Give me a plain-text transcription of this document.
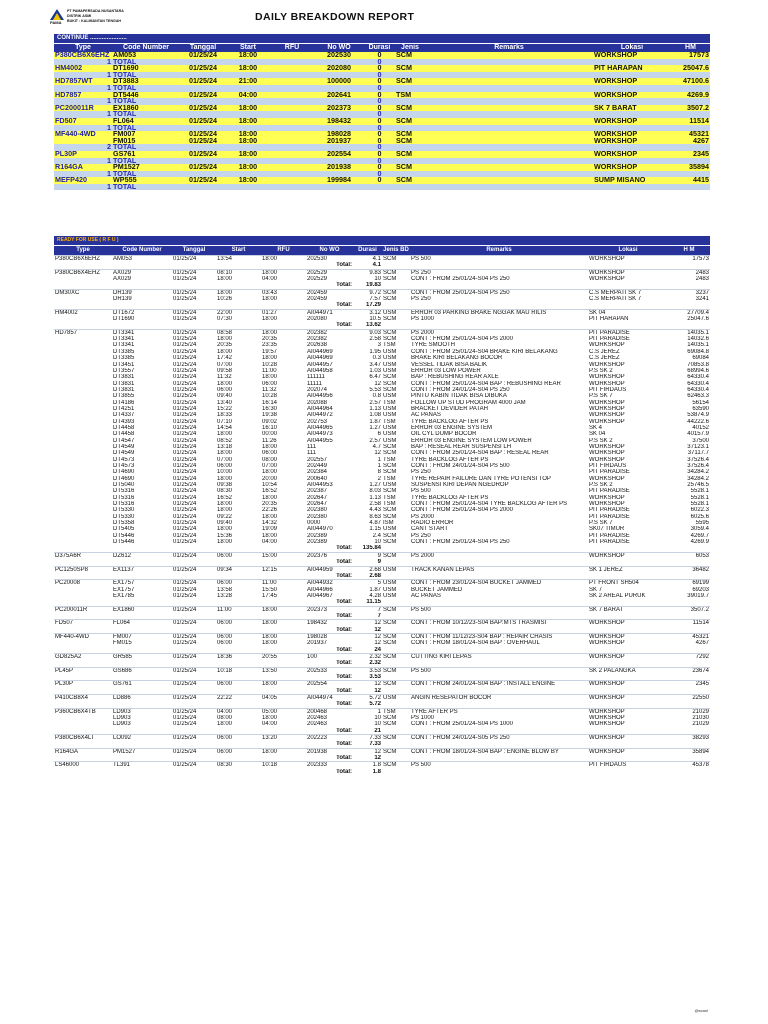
PAMA
PT PAMAPERSADA NUSANTARA
DISTRIK ASMI
BUKIT : KALIMANTAN TENGAH	DAILY BREAKDOWN REPORT
CONTINUE ......................
Type	Code Number	Tanggal	Start	RFU	No WO	Durasi	Jenis	Remarks	Lokasi	HM
P380CB6X6EHZ	AM053	01/25/24	18:00		202530	0	SCM		WORKSHOP	17573
1	TOTAL					0				
HM4002	DT1690	01/25/24	18:00		202080	0	SCM		PIT HARAPAN	25047.6
1	TOTAL					0				
HD7857WT	DT3883	01/25/24	21:00		100000	0	SCM		WORKSHOP	47100.6
1	TOTAL					0				
HD7857	DT5446	01/25/24	04:00		202641	0	TSM		WORKSHOP	4269.9
1	TOTAL					0				
PC200011R	EX1860	01/25/24	18:00		202373	0	SCM		SK 7 BARAT	3507.2
1	TOTAL					0				
FD507	FL064	01/25/24	18:00		198432	0	SCM		WORKSHOP	11514
1	TOTAL					0				
MF440-4WD	FM007	01/25/24	18:00		198028	0	SCM		WORKSHOP	45321
	FM015	01/25/24	18:00		201937	0	SCM		WORKSHOP	4267
2	TOTAL					0				
PL30P	GS761	01/25/24	18:00		202554	0	SCM		WORKSHOP	2345
1	TOTAL					0				
R164GA	PM1527	01/25/24	18:00		201938	0	SCM		WORKSHOP	35894
1	TOTAL					0				
MEFP420	WP555	01/25/24	18:00		199984	0	SCM		SUMP MISANO	4415
1	TOTAL									
READY FOR USE ( R F U )
Type	Code Number	Tanggal	Start	RFU	No WO	Durasi	Jenis BD	Remarks	Lokasi	H M
P380CB6X6EHZ	AM053	01/25/24	13:54	18:00	202530	4.1	SCM	PS 500	WORKSHOP	17573
					Total:	4.1				
P380CB6X4EHZ	AX029	01/25/24	08:10	18:00	202529	9.83	SCM	PS 250	WORKSHOP	2483
	AX029	01/25/24	18:00	04:00	202529	10	SCM	CONT : FROM 25/01/24-S04 PS 250	WORKSHOP	2483
					Total:	19.83				
DM30XC	DR139	01/25/24	18:00	03:43	202459	9.72	SCM	CONT : FROM 25/01/24-S04 PS 250	C.S MERPATI SK 7	3237
	DR139	01/25/24	10:26	18:00	202459	7.57	SCM	PS 250	C.S MERPATI SK 7	3241
					Total:	17.29				
HM4002	DT1672	01/25/24	22:00	01:27	AI044971	3.12	USM	ERROR 03 PARKING BRAKE NGGAK MAU RILIS	SK 04	27709.4
	DT1690	01/25/24	07:30	18:00	202080	10.5	SCM	PS 1000	PIT HARAPAN	25047.6
					Total:	13.62				
HD7857	DT3341	01/25/24	08:58	18:00	202382	9.03	SCM	PS 2000	PIT PARADISE	14035.1
	DT3341	01/25/24	18:00	20:35	202382	2.58	SCM	CONT : FROM 25/01/24-S04 PS 2000	PIT PARADISE	14032.6
	DT3341	01/25/24	20:35	23:35	202638	3	TSM	TYRE SMOOTH	WORKSHOP	14035.1
	DT3385	01/25/24	18:00	19:57	AI044969	1.95	USM	CONT : FROM 25/01/24-S04 BRAKE KIRI BELAKANG	C.S JEREZ	69084.8
	DT3385	01/25/24	17:42	18:00	AI044969	0.3	USM	BRAKE KIRI BELAKANG BOCOR	C.S JEREZ	69084
	DT3451	01/25/24	07:00	10:28	AI044957	3.47	USM	VESSEL TIDAK BISA BALIK	WORKSHOP	70853.8
	DT3557	01/25/24	09:58	11:00	AI044958	1.03	USM	ERROR 03 LOW POWER	P.S SK 2	68994.6
	DT3831	01/25/24	11:32	18:00	111111	6.47	SCM	BAP : REBUSHING REAR AXLE	WORKSHOP	64330.4
	DT3831	01/25/24	18:00	06:00	11111	12	SCM	CONT : FROM 25/01/24-S04 BAP : REBUSHING REAR	WORKSHOP	64330.4
	DT3831	01/25/24	06:00	11:32	202074	5.53	SCM	CONT : FROM 24/01/24-S04 PS 250	PIT FIRDAUS	64330.4
	DT3855	01/25/24	09:40	10:28	AI044956	0.8	USM	PINTU KABIN TIDAK BISA DIBUKA	P.S SK 7	62463.3
	DT4186	01/25/24	13:40	16:14	202088	2.57	TSM	FOLLOW UP STUD PROGRAM 4000 JAM	WORKSHOP	56154
	DT4251	01/25/24	15:22	16:30	AI044964	1.13	USM	BRACKET DEVIDER PATAH	WORKSHOP	63590
	DT4337	01/25/24	18:33	19:38	AI044972	1.08	USM	AC PANAS	WORKSHOP	53874.9
	DT4393	01/25/24	07:10	09:02	202753	1.87	TSM	TYRE BACKLOG AFTER PS	WORKSHOP	44222.6
	DT4458	01/25/24	14:54	16:10	AI044965	1.27	USM	ERROR 03 ENGINE SYSTEM	SK 4	40152
	DT4458	01/25/24	18:00	00:00	AI044973	6	USM	OIL CYL DUMP BOCOR	SK 04	40157.9
	DT4547	01/25/24	08:52	11:26	AI044955	2.57	USM	ERROR 03 ENGINE SYSTEM LOW POWER	P.S SK 2	37500
	DT4549	01/25/24	13:18	18:00	111	4.7	SCM	BAP : RESEAL REAR SUSPENSI LH	WORKSHOP	37123.1
	DT4549	01/25/24	18:00	06:00	111	12	SCM	CONT : FROM 25/01/24-S04 BAP : RESEAL REAR	WORKSHOP	37117.7
	DT4573	01/25/24	07:00	08:00	202557	1	TSM	TYRE BACKLOG AFTER PS	WORKSHOP	37526.4
	DT4573	01/25/24	06:00	07:00	202449	1	SCM	CONT : FROM 24/01/24-S04 PS 500	PIT FIRDAUS	37526.4
	DT4690	01/25/24	10:00	18:00	202384	8	SCM	PS 250	PIT PARADISE	34284.2
	DT4690	01/25/24	18:00	20:00	200640	2	TSM	TYRE REPAIR FAILURE DAN TYRE POTENSI TOP	WORKSHOP	34284.2
	DT5040	01/25/24	09:38	10:54	AI044953	1.27	USM	SUSPENSI KIRI DEPAN NGEDROP	P.S SK 2	25746.5
	DT5316	01/25/24	08:30	16:52	202387	8.03	SCM	PS 500	PIT PARADISE	5528.1
	DT5316	01/25/24	16:52	18:00	202647	1.13	TSM	TYRE BACKLOG AFTER PS	WORKSHOP	5528.1
	DT5316	01/25/24	18:00	20:35	202647	2.58	TSM	CONT : FROM 25/01/24-S04 TYRE BACKLOG AFTER PS	WORKSHOP	5528.1
	DT5330	01/25/24	18:00	22:26	202380	4.43	SCM	CONT : FROM 25/01/24-S04 PS 2000	PIT PARADISE	6022.3
	DT5330	01/25/24	09:22	18:00	202380	8.63	SCM	PS 2000	PIT PARADISE	6025.6
	DT5358	01/25/24	09:40	14:32	0000	4.87	ISM	RADIO ERROR	P.S SK 7	5595
	DT5405	01/25/24	18:00	19:09	AI044970	1.15	USM	CANT START	SK07 TIMUR	3059.4
	DT5446	01/25/24	15:36	18:00	202389	2.4	SCM	PS 250	PIT PARADISE	4269.7
	DT5446	01/25/24	18:00	04:00	202389	10	SCM	CONT : FROM 25/01/24-S04 PS 250	PIT PARADISE	4269.9
					Total:	135.84				
D375A6R	DZ612	01/25/24	06:00	15:00	202376	9	SCM	PS 2000	WORKSHOP	6053
					Total:	9				
PC1250SP8	EX1137	01/25/24	09:34	12:15	AI044959	2.68	USM	TRACK KANAN LEPAS	SK 1 JEREZ	36482
					Total:	2.68				
PC20008	EX1757	01/25/24	06:00	11:00	AI044932	5	USM	CONT : FROM 23/01/24-S04 BUCKET JAMMED	PT FRONT SH504	69199
	EX1757	01/25/24	13:58	15:50	AI044966	1.87	USM	BUCKET JAMMED	SK 7	69203
	EX1785	01/25/24	13:28	17:45	AI044967	4.28	USM	AC PANAS	SK 2 AREAL PURUK	39019.7
					Total:	11.15				
PC200011R	EX1860	01/25/24	11:00	18:00	202373	7	SCM	PS 500	SK 7 BARAT	3507.2
					Total:	7				
FD507	FL064	01/25/24	06:00	18:00	198432	12	SCM	CONT : FROM 10/12/23-S04 BAP:MTS TRASMISI	WORKSHOP	11514
					Total:	12				
MF440-4WD	FM007	01/25/24	06:00	18:00	198028	12	SCM	CONT : FROM 11/12/23-S04 BAP : REPAIR CHASIS	WORKSHOP	45321
	FM015	01/25/24	06:00	18:00	201937	12	SCM	CONT : FROM 18/01/24-S04 BAP : OVERHAUL	WORKSHOP	4267
					Total:	24				
GD825A2	GR585	01/25/24	18:36	20:55	100	2.32	SCM	CUTTING KIRI LEPAS	WORKSHOP	7292
					Total:	2.32				
PL45P	GS686	01/25/24	10:18	13:50	202533	3.53	SCM	PS 500	SK 2 PALANGKA	23674
					Total:	3.53				
PL30P	GS761	01/25/24	06:00	18:00	202554	12	SCM	CONT : FROM 24/01/24-S04 BAP : INSTALL ENGINE	WORKSHOP	2345
					Total:	12				
P410CB8X4	LD886	01/25/24	22:22	04:05	AI044974	5.72	USM	ANGIN RESEPATOR BOCOR	WORKSHOP	22550
					Total:	5.72				
P360CB6X4TB	LD903	01/25/24	04:00	05:00	200468	1	TSM	TYRE AFTER PS	WORKSHOP	21029
	LD903	01/25/24	08:00	18:00	202463	10	SCM	PS 1000	WORKSHOP	21030
	LD903	01/25/24	18:00	04:00	202463	10	SCM	CONT : FROM 25/01/24-S04 PS 1000	WORKSHOP	21029
					Total:	21				
P380CB6X4LT	LO092	01/25/24	06:00	13:20	202223	7.33	SCM	CONT : FROM 24/01/24-S05 PS 250	WORKSHOP	38293
					Total:	7.33				
R164GA	PM1527	01/25/24	06:00	18:00	201938	12	SCM	CONT : FROM 18/01/24-S04 BAP : ENGINE BLOW BY	WORKSHOP	35894
					Total:	12				
LS46000	TL391	01/25/24	08:30	10:18	202333	1.8	SCM	PS 500	PIT FIRDAUS	45378
					Total:	1.8				
@scanl
